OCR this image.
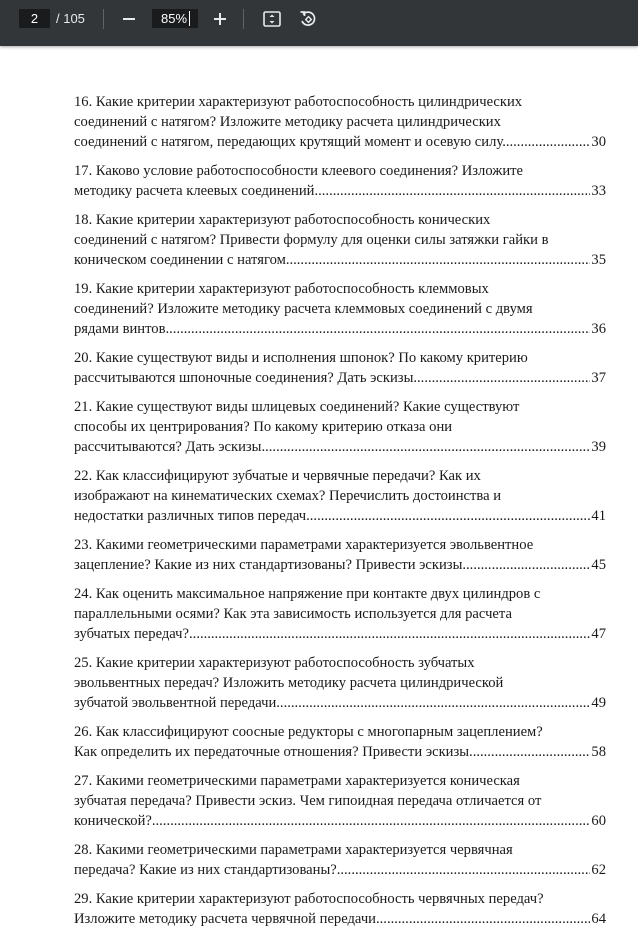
2	/ 105	85%
16. Какие критерии характеризуют работоспособность цилиндрических
соединений с натягом? Изложите методику расчета цилиндрических
соединений с натягом, передающих крутящий момент и осевую силу. .....	30
17. Каково условие работоспособности клеевого соединения? Изложите
методику расчета клеевых соединений .....	33
18. Какие критерии характеризуют работоспособность конических
соединений с натягом? Привести формулу для оценки силы затяжки гайки в
коническом соединении с натягом. .....	35
19. Какие критерии характеризуют работоспособность клеммовых
соединений? Изложите методику расчета клеммовых соединений с двумя
рядами винтов. .....	36
20. Какие существуют виды и исполнения шпонок? По какому критерию
рассчитываются шпоночные соединения? Дать эскизы. .....	37
21. Какие существуют виды шлицевых соединений? Какие существуют
способы их центрирования? По какому критерию отказа они
рассчитываются? Дать эскизы. .....	39
22. Как классифицируют зубчатые и червячные передачи? Как их
изображают на кинематических схемах? Перечислить достоинства и
недостатки различных типов передач. .....	41
23. Какими геометрическими параметрами характеризуется эвольвентное
зацепление? Какие из них стандартизованы? Привести эскизы. .....	45
24. Как оценить максимальное напряжение при контакте двух цилиндров с
параллельными осями? Как эта зависимость используется для расчета
зубчатых передач? .....	47
25. Какие критерии характеризуют работоспособность зубчатых
эвольвентных передач? Изложить методику расчета цилиндрической
зубчатой эвольвентной передачи .....	49
26. Как классифицируют соосные редукторы с многопарным зацеплением?
Как определить их передаточные отношения? Привести эскизы. .....	58
27. Какими геометрическими параметрами характеризуется коническая
зубчатая передача? Привести эскиз. Чем гипоидная передача отличается от
конической? .....	60
28. Какими геометрическими параметрами характеризуется червячная
передача? Какие из них стандартизованы? .....	62
29. Какие критерии характеризуют работоспособность червячных передач?
Изложите методику расчета червячной передачи. .....	64
